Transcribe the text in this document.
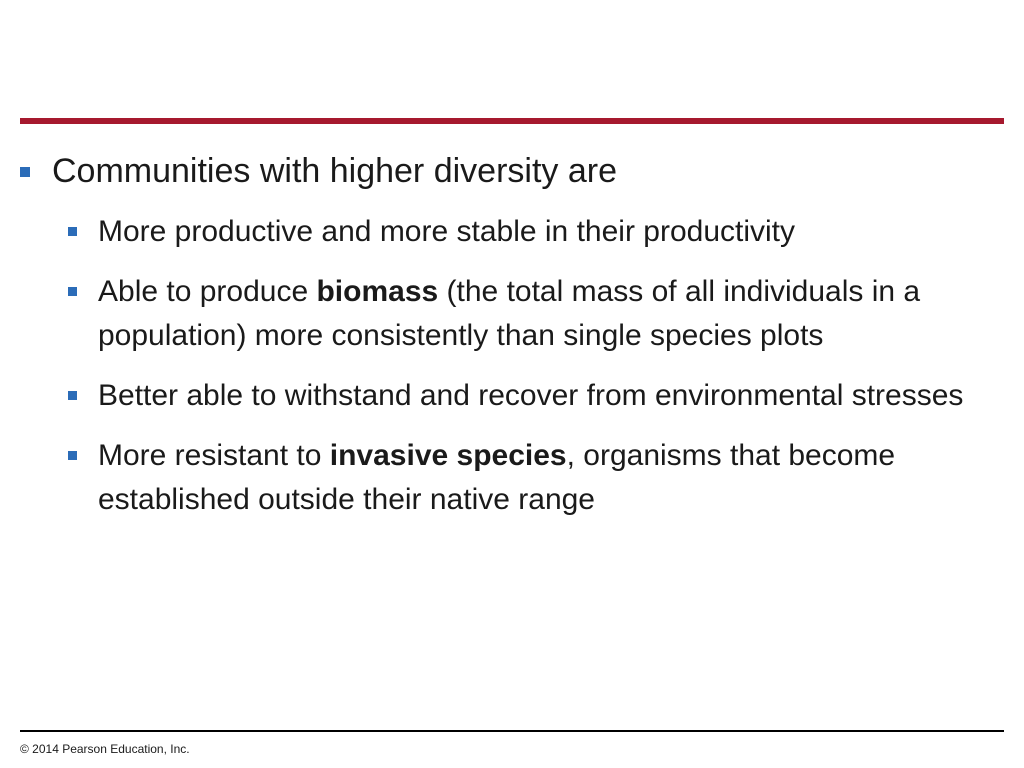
Communities with higher diversity are
More productive and more stable in their productivity
Able to produce biomass (the total mass of all individuals in a population) more consistently than single species plots
Better able to withstand and recover from environmental stresses
More resistant to invasive species, organisms that become established outside their native range
© 2014 Pearson Education, Inc.
